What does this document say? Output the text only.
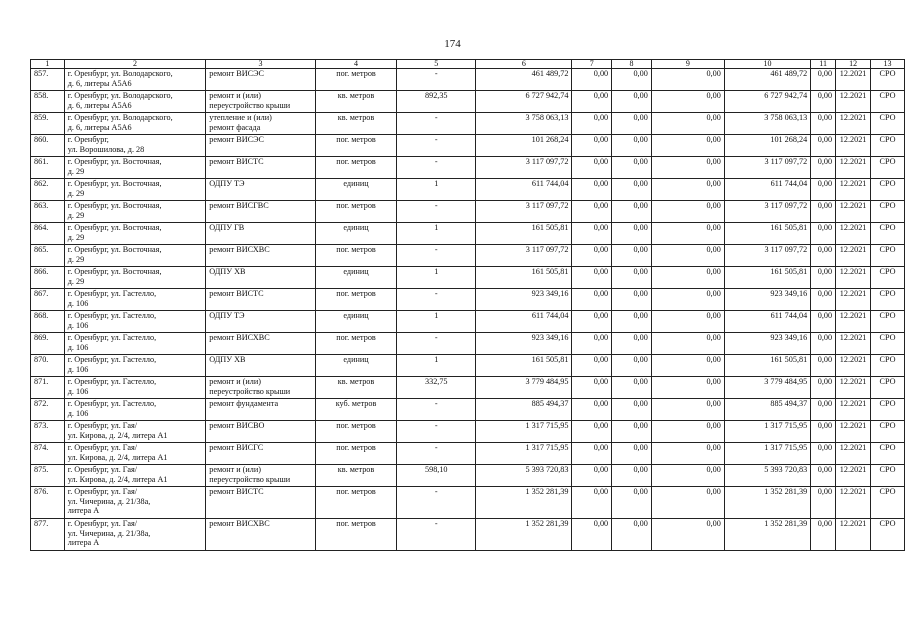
174
1	2	3	4	5	6	7	8	9	10	11	12	13
857.	г. Оренбург, ул. Володарского,
д. 6, литеры А5А6	ремонт ВИСЭС	пог. метров	-	461 489,72	0,00	0,00	0,00	461 489,72	0,00	12.2021	СРО
858.	г. Оренбург, ул. Володарского,
д. 6, литеры А5А6	ремонт и (или)
переустройство крыши	кв. метров	892,35	6 727 942,74	0,00	0,00	0,00	6 727 942,74	0,00	12.2021	СРО
859.	г. Оренбург, ул. Володарского,
д. 6, литеры А5А6	утепление и (или)
ремонт фасада	кв. метров	-	3 758 063,13	0,00	0,00	0,00	3 758 063,13	0,00	12.2021	СРО
860.	г. Оренбург,
ул. Ворошилова, д. 28	ремонт ВИСЭС	пог. метров	-	101 268,24	0,00	0,00	0,00	101 268,24	0,00	12.2021	СРО
861.	г. Оренбург, ул. Восточная,
д. 29	ремонт ВИСТС	пог. метров	-	3 117 097,72	0,00	0,00	0,00	3 117 097,72	0,00	12.2021	СРО
862.	г. Оренбург, ул. Восточная,
д. 29	ОДПУ ТЭ	единиц	1	611 744,04	0,00	0,00	0,00	611 744,04	0,00	12.2021	СРО
863.	г. Оренбург, ул. Восточная,
д. 29	ремонт ВИСГВС	пог. метров	-	3 117 097,72	0,00	0,00	0,00	3 117 097,72	0,00	12.2021	СРО
864.	г. Оренбург, ул. Восточная,
д. 29	ОДПУ ГВ	единиц	1	161 505,81	0,00	0,00	0,00	161 505,81	0,00	12.2021	СРО
865.	г. Оренбург, ул. Восточная,
д. 29	ремонт ВИСХВС	пог. метров	-	3 117 097,72	0,00	0,00	0,00	3 117 097,72	0,00	12.2021	СРО
866.	г. Оренбург, ул. Восточная,
д. 29	ОДПУ ХВ	единиц	1	161 505,81	0,00	0,00	0,00	161 505,81	0,00	12.2021	СРО
867.	г. Оренбург, ул. Гастелло,
д. 106	ремонт ВИСТС	пог. метров	-	923 349,16	0,00	0,00	0,00	923 349,16	0,00	12.2021	СРО
868.	г. Оренбург, ул. Гастелло,
д. 106	ОДПУ ТЭ	единиц	1	611 744,04	0,00	0,00	0,00	611 744,04	0,00	12.2021	СРО
869.	г. Оренбург, ул. Гастелло,
д. 106	ремонт ВИСХВС	пог. метров	-	923 349,16	0,00	0,00	0,00	923 349,16	0,00	12.2021	СРО
870.	г. Оренбург, ул. Гастелло,
д. 106	ОДПУ ХВ	единиц	1	161 505,81	0,00	0,00	0,00	161 505,81	0,00	12.2021	СРО
871.	г. Оренбург, ул. Гастелло,
д. 106	ремонт и (или)
переустройство крыши	кв. метров	332,75	3 779 484,95	0,00	0,00	0,00	3 779 484,95	0,00	12.2021	СРО
872.	г. Оренбург, ул. Гастелло,
д. 106	ремонт фундамента	куб. метров	-	885 494,37	0,00	0,00	0,00	885 494,37	0,00	12.2021	СРО
873.	г. Оренбург, ул. Гая/
ул. Кирова, д. 2/4, литера А1	ремонт ВИСВО	пог. метров	-	1 317 715,95	0,00	0,00	0,00	1 317 715,95	0,00	12.2021	СРО
874.	г. Оренбург, ул. Гая/
ул. Кирова, д. 2/4, литера А1	ремонт ВИСГС	пог. метров	-	1 317 715,95	0,00	0,00	0,00	1 317 715,95	0,00	12.2021	СРО
875.	г. Оренбург, ул. Гая/
ул. Кирова, д. 2/4, литера А1	ремонт и (или)
переустройство крыши	кв. метров	598,10	5 393 720,83	0,00	0,00	0,00	5 393 720,83	0,00	12.2021	СРО
876.	г. Оренбург, ул. Гая/
ул. Чичерина, д. 21/38а,
литера А	ремонт ВИСТС	пог. метров	-	1 352 281,39	0,00	0,00	0,00	1 352 281,39	0,00	12.2021	СРО
877.	г. Оренбург, ул. Гая/
ул. Чичерина, д. 21/38а,
литера А	ремонт ВИСХВС	пог. метров	-	1 352 281,39	0,00	0,00	0,00	1 352 281,39	0,00	12.2021	СРО
